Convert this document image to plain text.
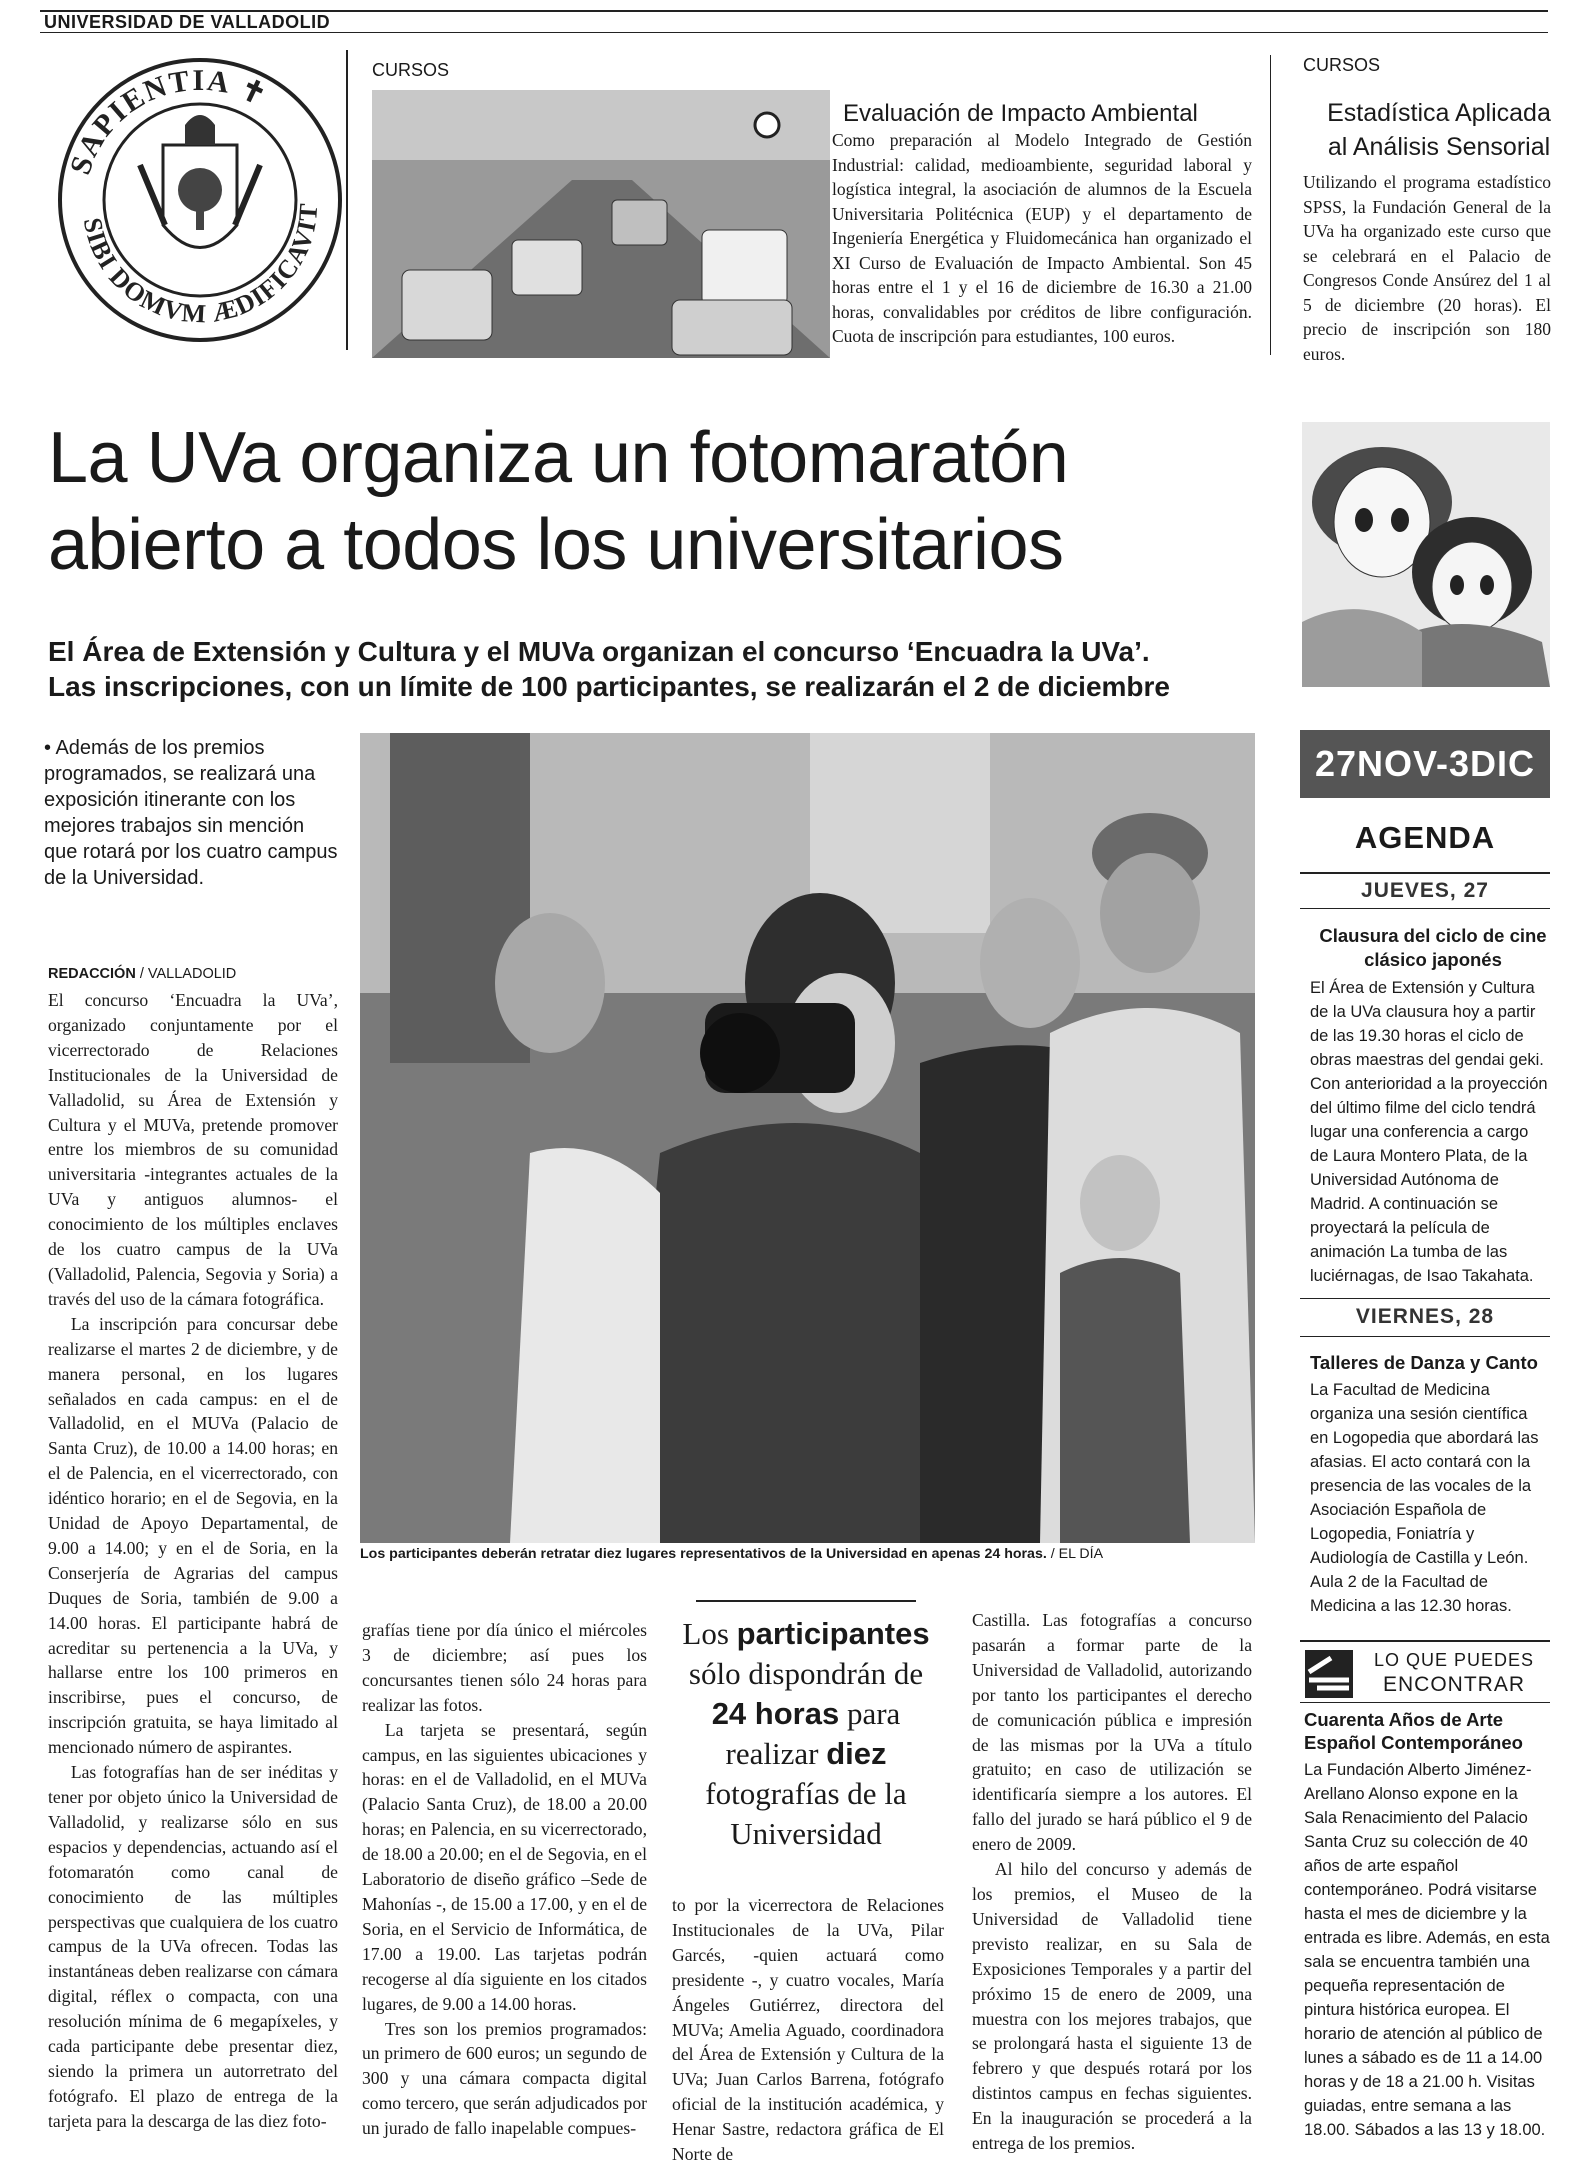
UNIVERSIDAD DE VALLADOLID
SAPIENTIA ✝
SIBI DOMVM ÆDIFICAVIT
CURSOS
Evaluación de Impacto Ambiental
Como preparación al Modelo Integrado de Gestión Industrial: calidad, medioambiente, seguridad laboral y logística integral, la asociación de alumnos de la Escuela Universitaria Politécnica (EUP) y el departamento de Ingeniería Energética y Fluidomecánica han organizado el XI Curso de Evaluación de Impacto Ambiental. Son 45 horas entre el 1 y el 16 de diciembre de 16.30 a 21.00 horas, convalidables por créditos de libre configuración. Cuota de inscripción para estudiantes, 100 euros.
CURSOS
Estadística Aplicada al Análisis Sensorial
Utilizando el programa estadístico SPSS, la Fundación General de la UVa ha organizado este curso que se celebrará en el Palacio de Congresos Conde Ansúrez del 1 al 5 de diciembre (20 horas). El precio de inscripción son 180 euros.
La UVa organiza un fotomaratón
abierto a todos los universitarios
El Área de Extensión y Cultura y el MUVa organizan el concurso ‘Encuadra la UVa’.
Las inscripciones, con un límite de 100 participantes, se realizarán el 2 de diciembre
• Además de los premios programados, se realizará una exposición itinerante con los mejores trabajos sin mención que rotará por los cuatro campus de la Universidad.
REDACCIÓN / VALLADOLID

El concurso ‘Encuadra la UVa’, organizado conjuntamente por el vicerrectorado de Relaciones Institucionales de la Universidad de Valladolid, su Área de Extensión y Cultura y el MUVa, pretende promover entre los miembros de su comunidad universitaria -integrantes actuales de la UVa y antiguos alumnos- el conocimiento de los múltiples enclaves de los cuatro campus de la UVa (Valladolid, Palencia, Segovia y Soria) a través del uso de la cámara fotográfica.

La inscripción para concursar debe realizarse el martes 2 de diciembre, y de manera personal, en los lugares señalados en cada campus: en el de Valladolid, en el MUVa (Palacio de Santa Cruz), de 10.00 a 14.00 horas; en el de Palencia, en el vicerrectorado, con idéntico horario; en el de Segovia, en la Unidad de Apoyo Departamental, de 9.00 a 14.00; y en el de Soria, en la Conserjería de Agrarias del campus Duques de Soria, también de 9.00 a 14.00 horas. El participante habrá de acreditar su pertenencia a la UVa, y hallarse entre los 100 primeros en inscribirse, pues el concurso, de inscripción gratuita, se haya limitado al mencionado número de aspirantes.

Las fotografías han de ser inéditas y tener por objeto único la Universidad de Valladolid, y realizarse sólo en sus espacios y dependencias, actuando así el fotomaratón como canal de conocimiento de las múltiples perspectivas que cualquiera de los cuatro campus de la UVa ofrecen. Todas las instantáneas deben realizarse con cámara digital, réflex o compacta, con una resolución mínima de 6 megapíxeles, y cada participante debe presentar diez, siendo la primera un autorretrato del fotógrafo. El plazo de entrega de la tarjeta para la descarga de las diez foto-

Los participantes deberán retratar diez lugares representativos de la Universidad en apenas 24 horas. / EL DÍA

grafías tiene por día único el miércoles 3 de diciembre; así pues los concursantes tienen sólo 24 horas para realizar las fotos.

La tarjeta se presentará, según campus, en las siguientes ubicaciones y horas: en el de Valladolid, en el MUVa (Palacio Santa Cruz), de 18.00 a 20.00 horas; en Palencia, en su vicerrectorado, de 18.00 a 20.00; en el de Segovia, en el Laboratorio de diseño gráfico –Sede de Mahonías -, de 15.00 a 17.00, y en el de Soria, en el Servicio de Informática, de 17.00 a 19.00. Las tarjetas podrán recogerse al día siguiente en los citados lugares, de 9.00 a 14.00 horas.

Tres son los premios programados: un primero de 600 euros; un segundo de 300 y una cámara compacta digital como tercero, que serán adjudicados por un jurado de fallo inapelable compues-

Los participantes sólo dispondrán de 24 horas para realizar diez fotografías de la Universidad

to por la vicerrectora de Relaciones Institucionales de la UVa, Pilar Garcés, -quien actuará como presidente -, y cuatro vocales, María Ángeles Gutiérrez, directora del MUVa; Amelia Aguado, coordinadora del Área de Extensión y Cultura de la UVa; Juan Carlos Barrena, fotógrafo oficial de la institución académica, y Henar Sastre, redactora gráfica de El Norte de

Castilla. Las fotografías a concurso pasarán a formar parte de la Universidad de Valladolid, autorizando por tanto los participantes el derecho de comunicación pública e impresión de las mismas por la UVa a título gratuito; en caso de utilización se identificaría siempre a los autores. El fallo del jurado se hará público el 9 de enero de 2009.

Al hilo del concurso y además de los premios, el Museo de la Universidad de Valladolid tiene previsto realizar, en su Sala de Exposiciones Temporales y a partir del próximo 15 de enero de 2009, una muestra con los mejores trabajos, que se prolongará hasta el siguiente 13 de febrero y que después rotará por los distintos campus en fechas siguientes. En la inauguración se procederá a la entrega de los premios.

27NOV-3DIC
AGENDA
JUEVES, 27
Clausura del ciclo de cine clásico japonés
El Área de Extensión y Cultura de la UVa clausura hoy a partir de las 19.30 horas el ciclo de obras maestras del gendai geki. Con anterioridad a la proyección del último filme del ciclo tendrá lugar una conferencia a cargo de Laura Montero Plata, de la Universidad Autónoma de Madrid. A continuación se proyectará la película de animación La tumba de las luciérnagas, de Isao Takahata.
VIERNES, 28
Talleres de Danza y Canto
La Facultad de Medicina organiza una sesión científica en Logopedia que abordará las afasias. El acto contará con la presencia de las vocales de la Asociación Española de Logopedia, Foniatría y Audiología de Castilla y León. Aula 2 de la Facultad de Medicina a las 12.30 horas.
LO QUE PUEDES
ENCONTRAR
Cuarenta Años de Arte Español Contemporáneo
La Fundación Alberto Jiménez-Arellano Alonso expone en la Sala Renacimiento del Palacio Santa Cruz su colección de 40 años de arte español contemporáneo. Podrá visitarse hasta el mes de diciembre y la entrada es libre. Además, en esta sala se encuentra también una pequeña representación de pintura histórica europea. El horario de atención al público de lunes a sábado es de 11 a 14.00 horas y de 18 a 21.00 h. Visitas guiadas, entre semana a las 18.00. Sábados a las 13 y 18.00.
